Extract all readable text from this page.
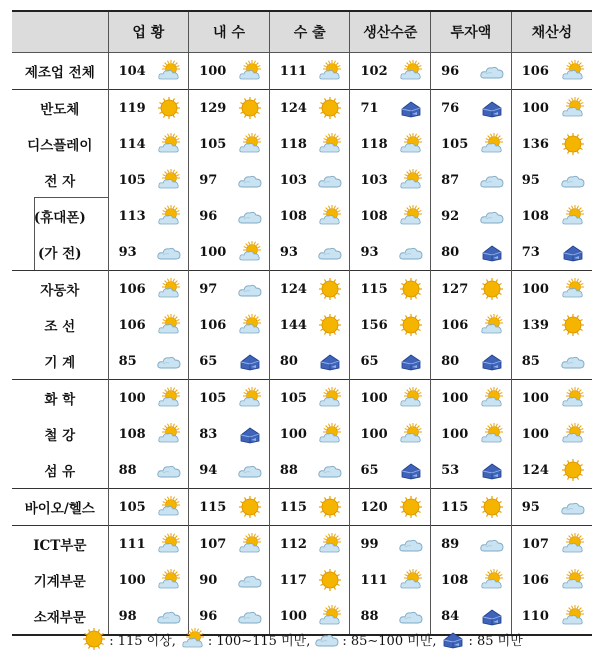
	업 황	내 수	수 출	생산수준	투자액	채산성
제조업 전체	104	100	111	102	96	106

반도체	119	129	124	71	76	100

디스플레이	114	105	118	118	105	136

전 자	105	97	103	103	87	95

(휴대폰)	113	96	108	108	92	108

(가 전)	93	100	93	93	80	73

자동차	106	97	124	115	127	100

조 선	106	106	144	156	106	139

기 계	85	65	80	65	80	85

화 학	100	105	105	100	100	100

철 강	108	83	100	100	100	100

섬 유	88	94	88	65	53	124

바이오/헬스	105	115	115	120	115	95

ICT부문	111	107	112	99	89	107

기계부문	100	90	117	111	108	106

소재부문	98	96	100	88	84	110
: 115 이상, : 100∼115 미만, : 85∼100 미만, : 85 미만
